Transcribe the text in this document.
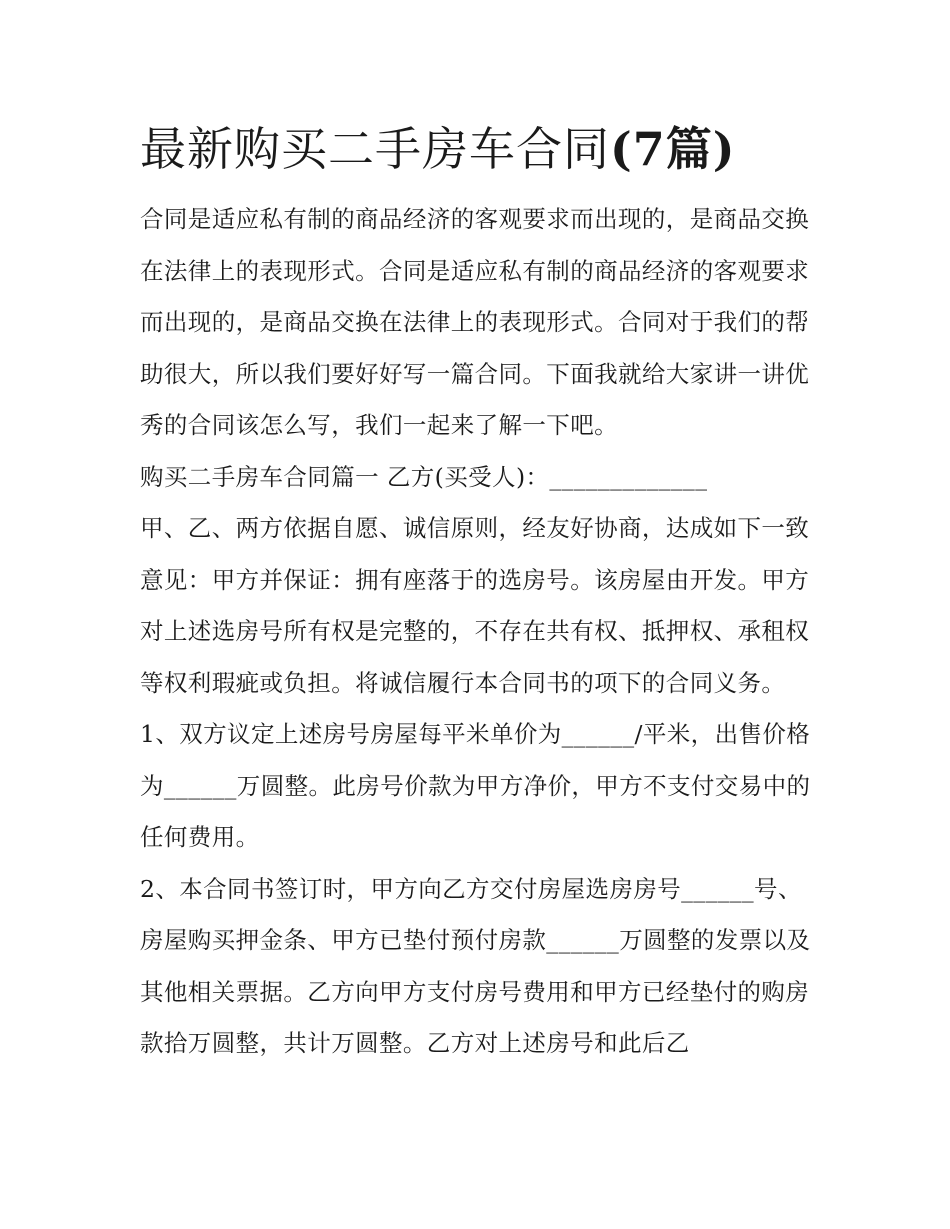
最新购买二手房车合同(7篇)

合同是适应私有制的商品经济的客观要求而出现的，是商品交换在法律上的表现形式。合同是适应私有制的商品经济的客观要求而出现的，是商品交换在法律上的表现形式。合同对于我们的帮助很大，所以我们要好好写一篇合同。下面我就给大家讲一讲优秀的合同该怎么写，我们一起来了解一下吧。

购买二手房车合同篇一 乙方(买受人)：_____________

甲、乙、两方依据自愿、诚信原则，经友好协商，达成如下一致意见：甲方并保证：拥有座落于的选房号。该房屋由开发。甲方对上述选房号所有权是完整的，不存在共有权、抵押权、承租权等权利瑕疵或负担。将诚信履行本合同书的项下的合同义务。

1、双方议定上述房号房屋每平米单价为______/平米，出售价格为______万圆整。此房号价款为甲方净价，甲方不支付交易中的任何费用。

2、本合同书签订时，甲方向乙方交付房屋选房房号______号、房屋购买押金条、甲方已垫付预付房款______万圆整的发票以及其他相关票据。乙方向甲方支付房号费用和甲方已经垫付的购房款拾万圆整，共计万圆整。乙方对上述房号和此后乙
